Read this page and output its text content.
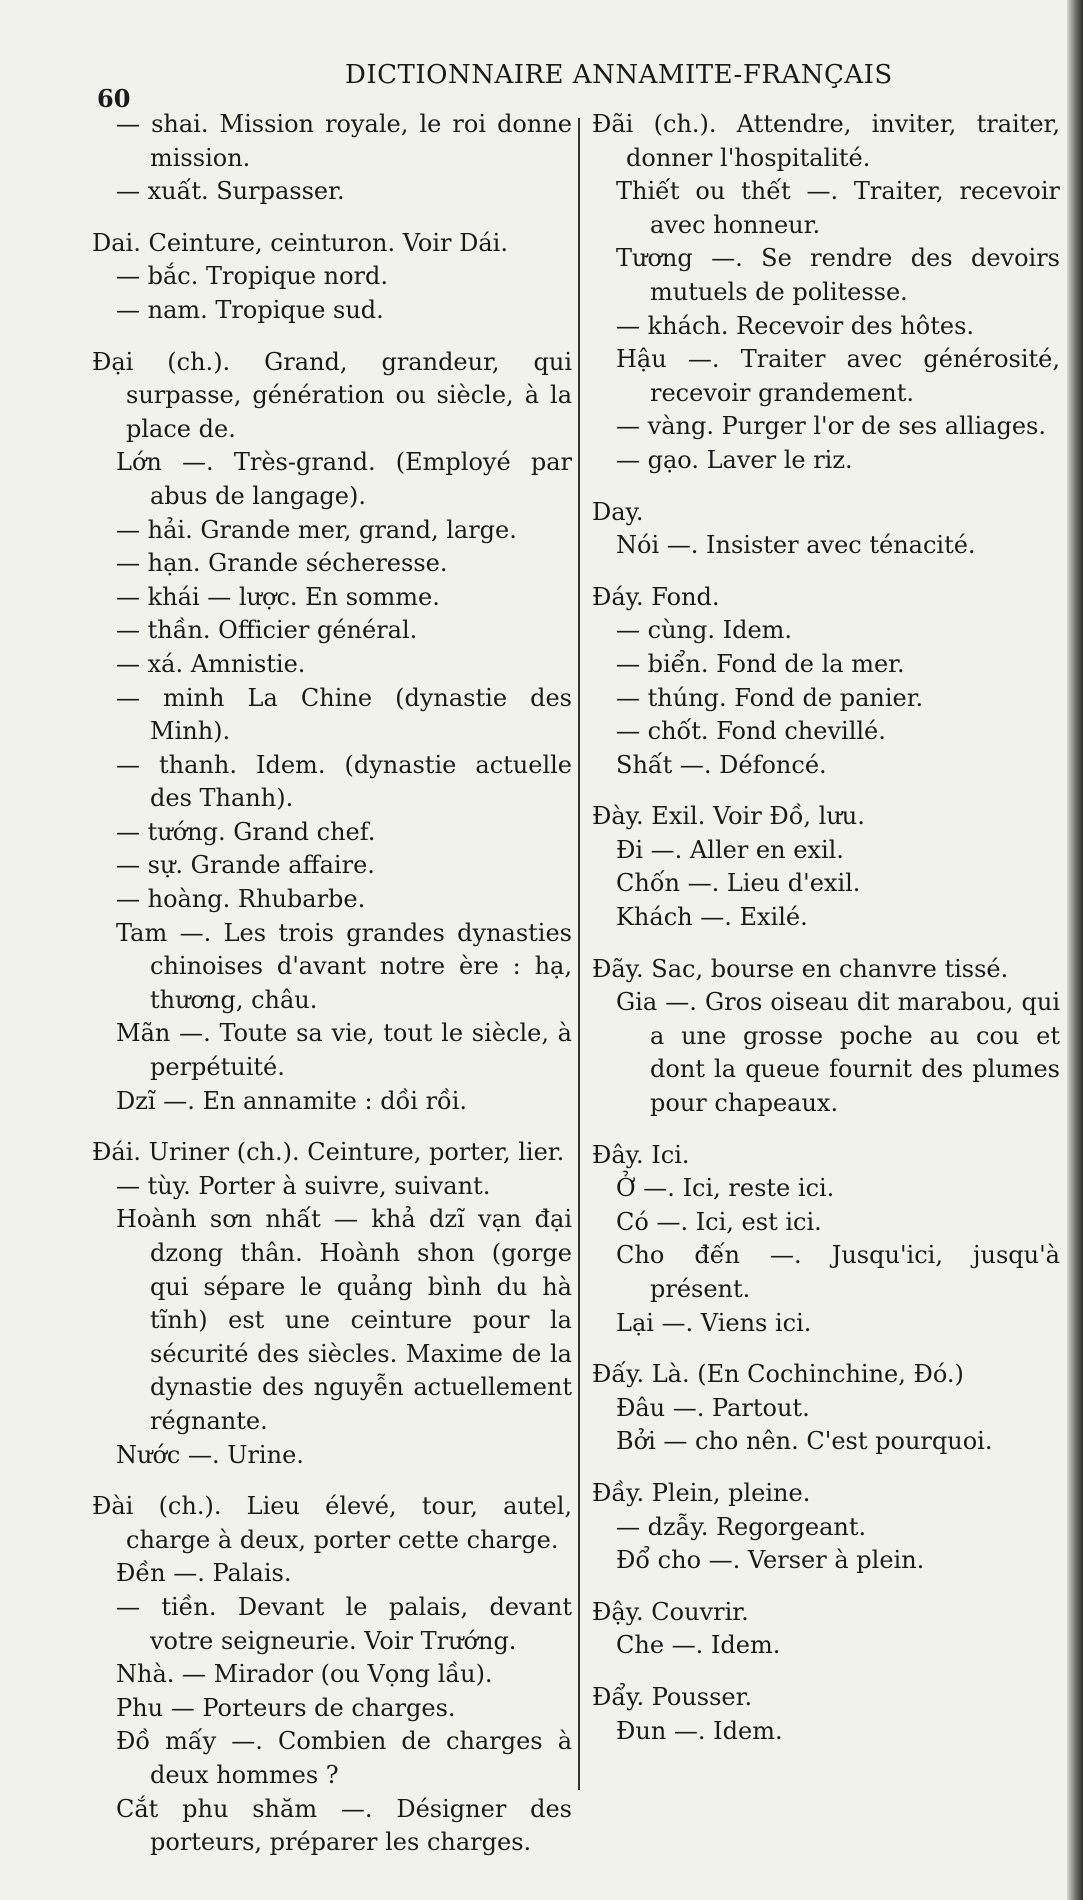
60
DICTIONNAIRE ANNAMITE-FRANÇAIS
— shai. Mission royale, le roi donne mission.
— xuất. Surpasser.
Dai. Ceinture, ceinturon. Voir Dái.
— bắc. Tropique nord.
— nam. Tropique sud.
Đại (ch.). Grand, grandeur, qui surpasse, génération ou siècle, à la place de.
Lớn —. Très-grand. (Employé par abus de langage).
— hải. Grande mer, grand, large.
— hạn. Grande sécheresse.
— khái — lược. En somme.
— thần. Officier général.
— xá. Amnistie.
— minh La Chine (dynastie des Minh).
— thanh. Idem. (dynastie actuelle des Thanh).
— tướng. Grand chef.
— sự. Grande affaire.
— hoàng. Rhubarbe.
Tam —. Les trois grandes dynasties chinoises d'avant notre ère : hạ, thương, châu.
Mãn —. Toute sa vie, tout le siècle, à perpétuité.
Dzĩ —. En annamite : dồi rồi.
Đái. Uriner (ch.). Ceinture, porter, lier.
— tùy. Porter à suivre, suivant.
Hoành sơn nhất — khả dzĩ vạn đại dzong thân. Hoành shon (gorge qui sépare le quảng bình du hà tĩnh) est une ceinture pour la sécurité des siècles. Maxime de la dynastie des nguyễn actuellement régnante.
Nước —. Urine.
Đài (ch.). Lieu élevé, tour, autel, charge à deux, porter cette charge.
Đền —. Palais.
— tiền. Devant le palais, devant votre seigneurie. Voir Trướng.
Nhà. — Mirador (ou Vọng lầu).
Phu — Porteurs de charges.
Đồ mấy —. Combien de charges à deux hommes ?
Cắt phu shăm —. Désigner des porteurs, préparer les charges.
Đãi (ch.). Attendre, inviter, traiter, donner l'hospitalité.
Thiết ou thết —. Traiter, recevoir avec honneur.
Tương —. Se rendre des devoirs mutuels de politesse.
— khách. Recevoir des hôtes.
Hậu —. Traiter avec générosité, recevoir grandement.
— vàng. Purger l'or de ses alliages.
— gạo. Laver le riz.
Day.
Nói —. Insister avec ténacité.
Đáy. Fond.
— cùng. Idem.
— biển. Fond de la mer.
— thúng. Fond de panier.
— chốt. Fond chevillé.
Shất —. Défoncé.
Đày. Exil. Voir Đồ, lưu.
Đi —. Aller en exil.
Chốn —. Lieu d'exil.
Khách —. Exilé.
Đãy. Sac, bourse en chanvre tissé.
Gia —. Gros oiseau dit marabou, qui a une grosse poche au cou et dont la queue fournit des plumes pour chapeaux.
Đây. Ici.
Ở —. Ici, reste ici.
Có —. Ici, est ici.
Cho đến —. Jusqu'ici, jusqu'à présent.
Lại —. Viens ici.
Đấy. Là. (En Cochinchine, Đó.)
Đâu —. Partout.
Bởi — cho nên. C'est pourquoi.
Đầy. Plein, pleine.
— dzẫy. Regorgeant.
Đổ cho —. Verser à plein.
Đậy. Couvrir.
Che —. Idem.
Đẩy. Pousser.
Đun —. Idem.
